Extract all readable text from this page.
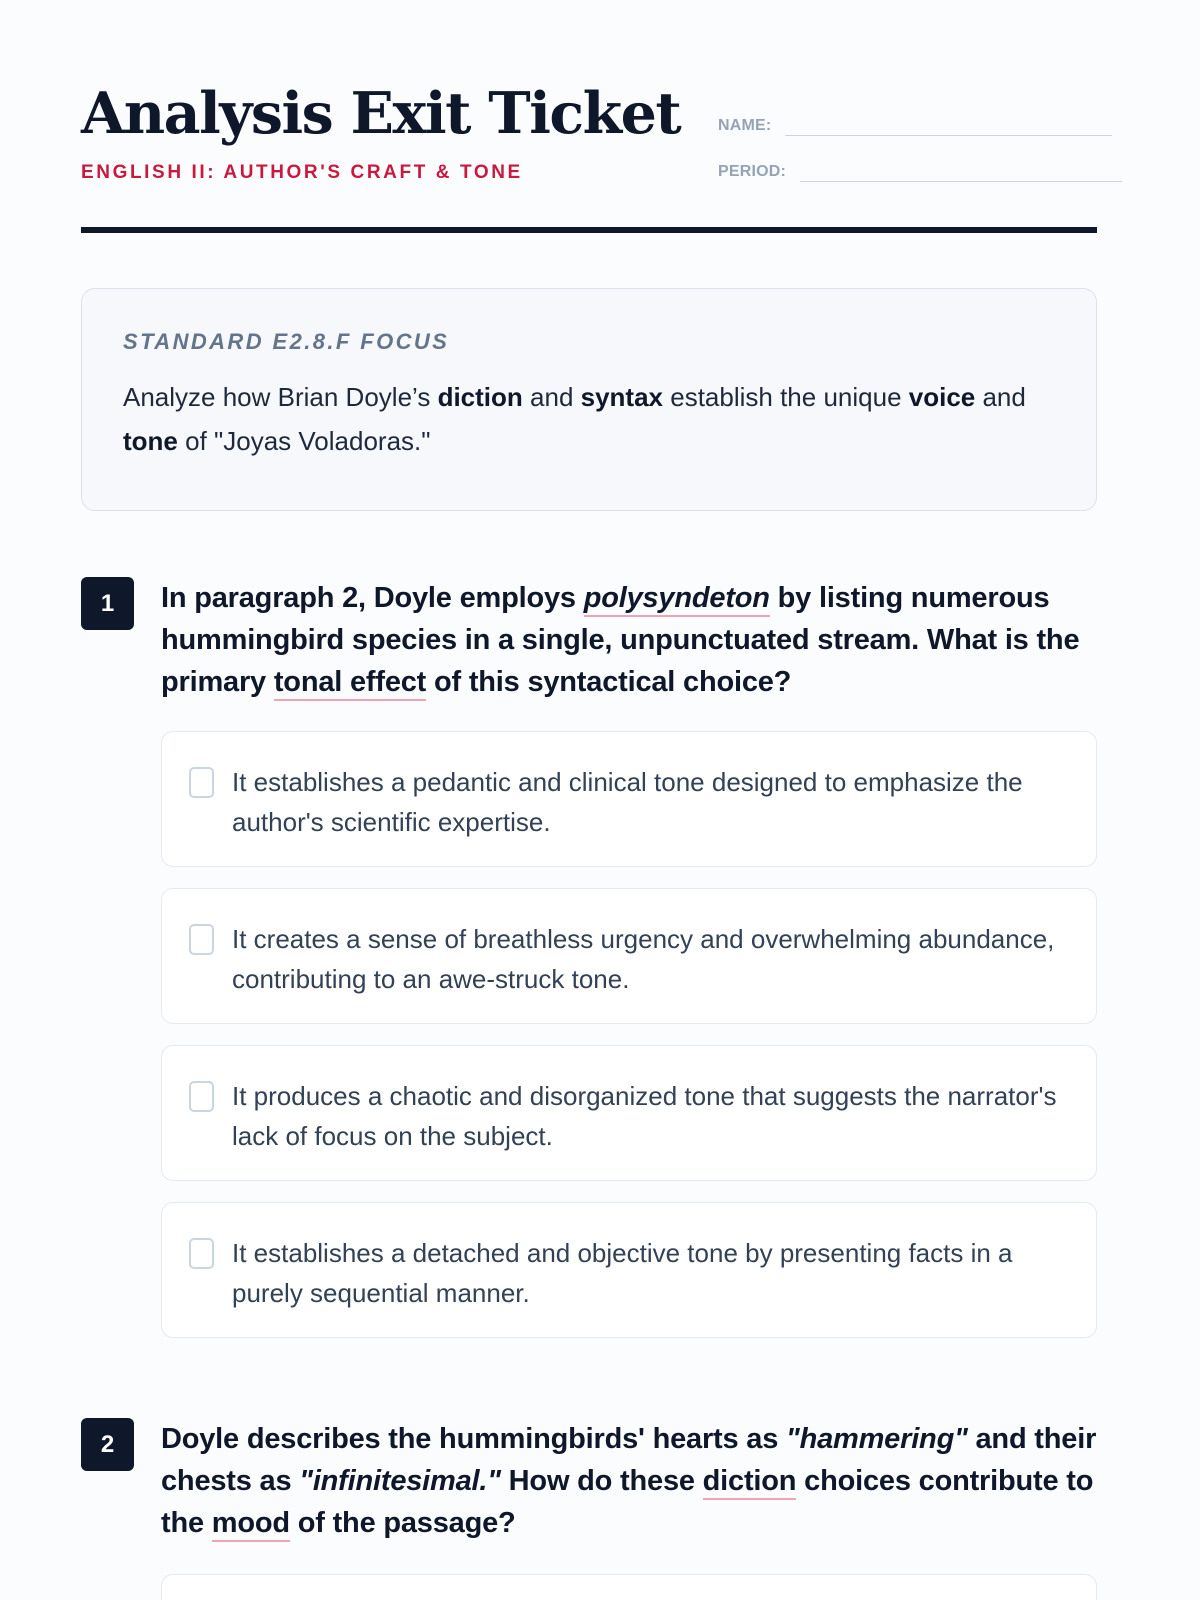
Analysis Exit Ticket
ENGLISH II: AUTHOR'S CRAFT & TONE
NAME:
PERIOD:
STANDARD E2.8.F FOCUS
Analyze how Brian Doyle’s diction and syntax establish the unique voice and tone of "Joyas Voladoras."
1	In paragraph 2, Doyle employs polysyndeton by listing numerous hummingbird species in a single, unpunctuated stream. What is the primary tonal effect of this syntactical choice?
It establishes a pedantic and clinical tone designed to emphasize the author's scientific expertise.
It creates a sense of breathless urgency and overwhelming abundance, contributing to an awe-struck tone.
It produces a chaotic and disorganized tone that suggests the narrator's lack of focus on the subject.
It establishes a detached and objective tone by presenting facts in a purely sequential manner.
2	Doyle describes the hummingbirds' hearts as "hammering" and their chests as "infinitesimal." How do these diction choices contribute to the mood of the passage?
